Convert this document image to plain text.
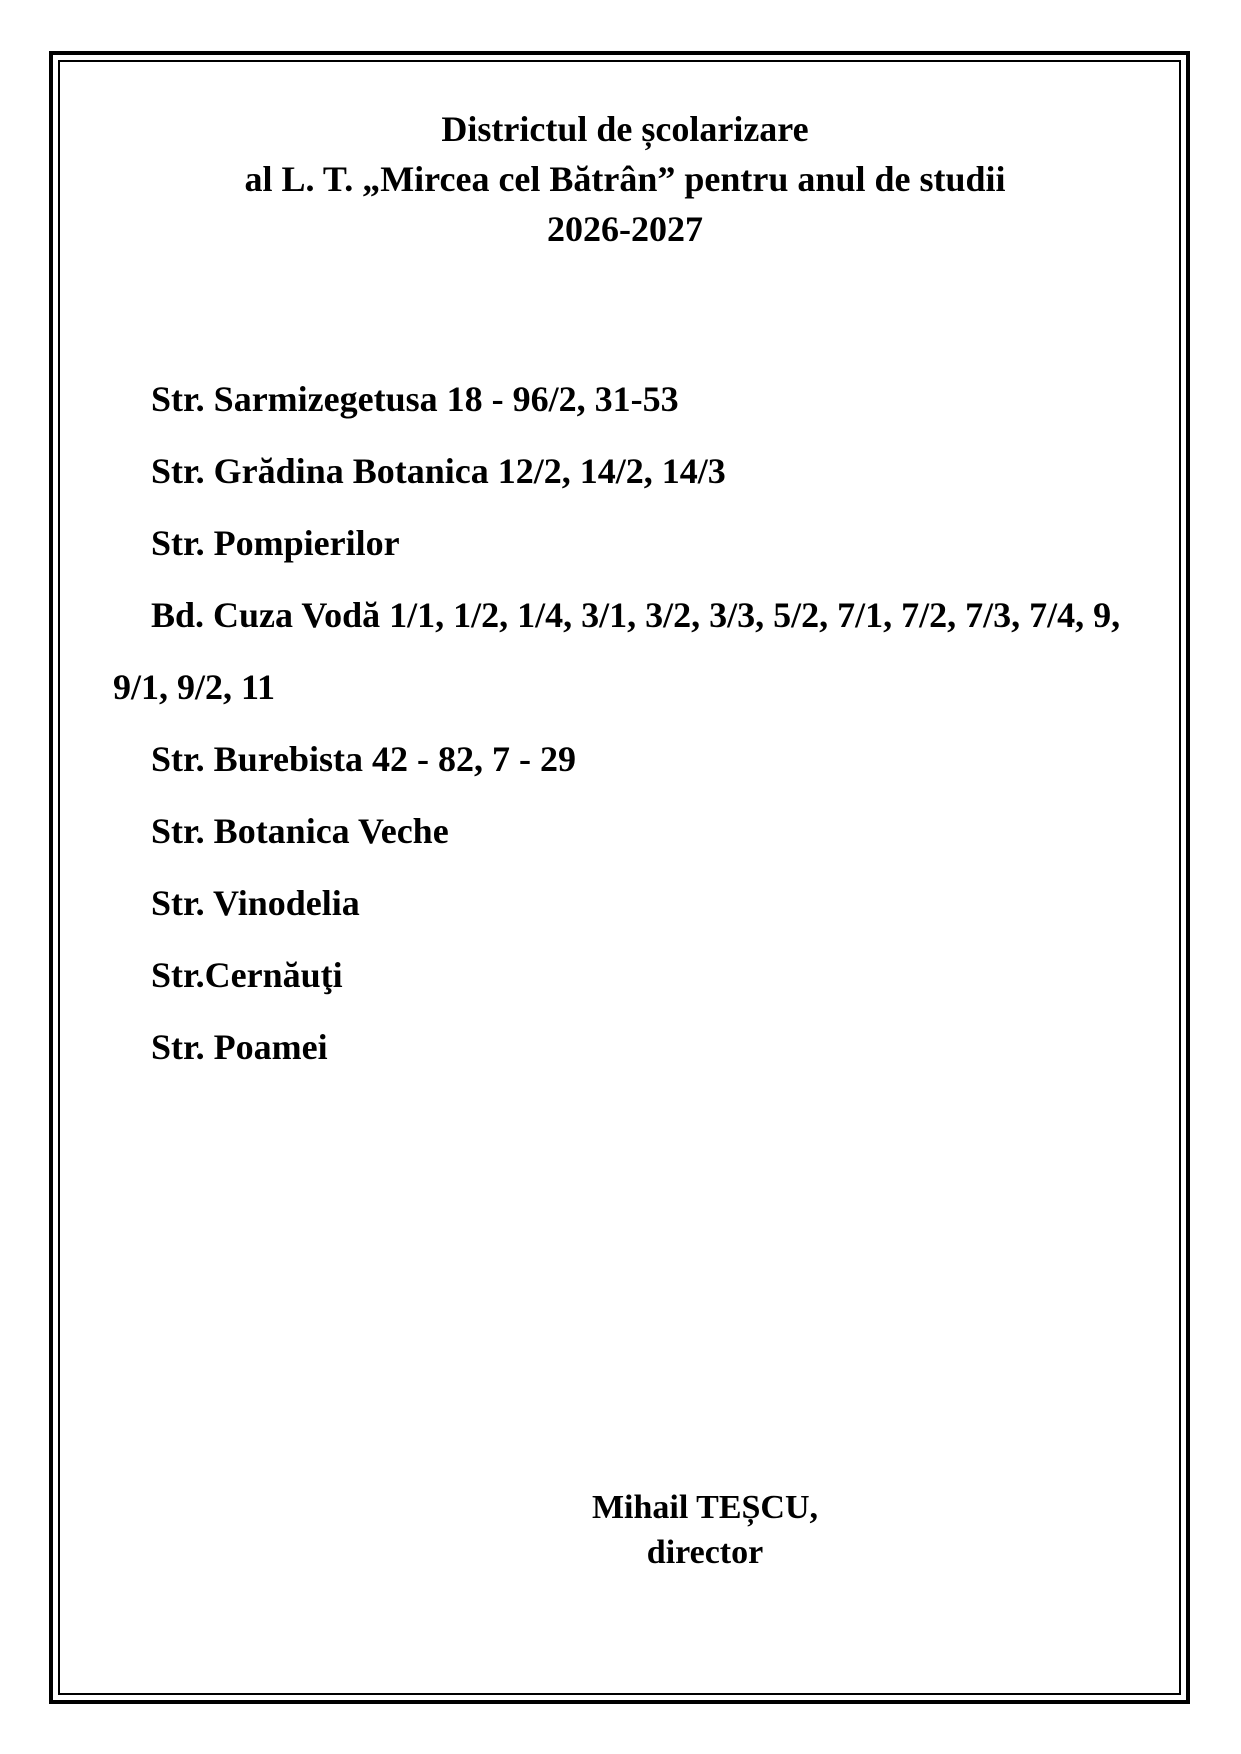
Districtul de școlarizare
al L. T. „Mircea cel Bătrân” pentru anul de studii
2026-2027
Str. Sarmizegetusa 18 - 96/2, 31-53
Str. Grădina Botanica 12/2, 14/2, 14/3
Str. Pompierilor
Bd. Cuza Vodă 1/1, 1/2, 1/4, 3/1, 3/2, 3/3, 5/2, 7/1, 7/2, 7/3, 7/4, 9, 9/1, 9/2, 11
Str. Burebista 42 - 82, 7 - 29
Str. Botanica Veche
Str. Vinodelia
Str.Cernăuţi
Str. Poamei
Mihail TEȘCU,
director
